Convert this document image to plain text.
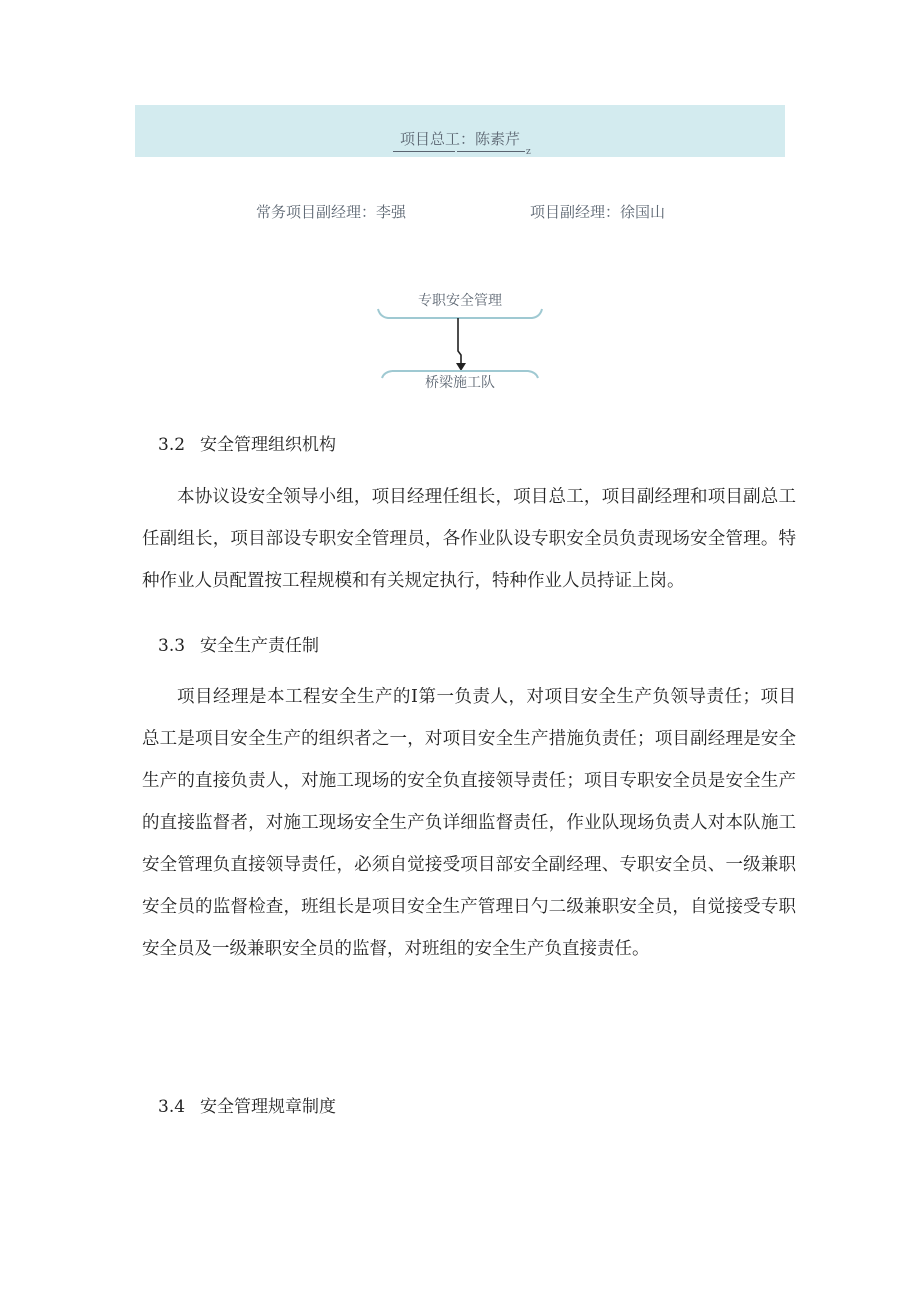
项目总工：陈素芹
z
常务项目副经理：李强	项目副经理：徐国山
专职安全管理
桥梁施工队
3.2 安全管理组织机构
本协议设安全领导小组，项目经理任组长，项目总工，项目副经理和项目副总工任副组长，项目部设专职安全管理员，各作业队设专职安全员负责现场安全管理。特种作业人员配置按工程规模和有关规定执行，特种作业人员持证上岗。
3.3 安全生产责任制
项目经理是本工程安全生产的I第一负责人，对项目安全生产负领导责任；项目总工是项目安全生产的组织者之一，对项目安全生产措施负责任；项目副经理是安全生产的直接负责人，对施工现场的安全负直接领导责任；项目专职安全员是安全生产的直接监督者，对施工现场安全生产负详细监督责任，作业队现场负责人对本队施工安全管理负直接领导责任，必须自觉接受项目部安全副经理、专职安全员、一级兼职安全员的监督检查，班组长是项目安全生产管理日勺二级兼职安全员，自觉接受专职安全员及一级兼职安全员的监督，对班组的安全生产负直接责任。
3.4 安全管理规章制度
